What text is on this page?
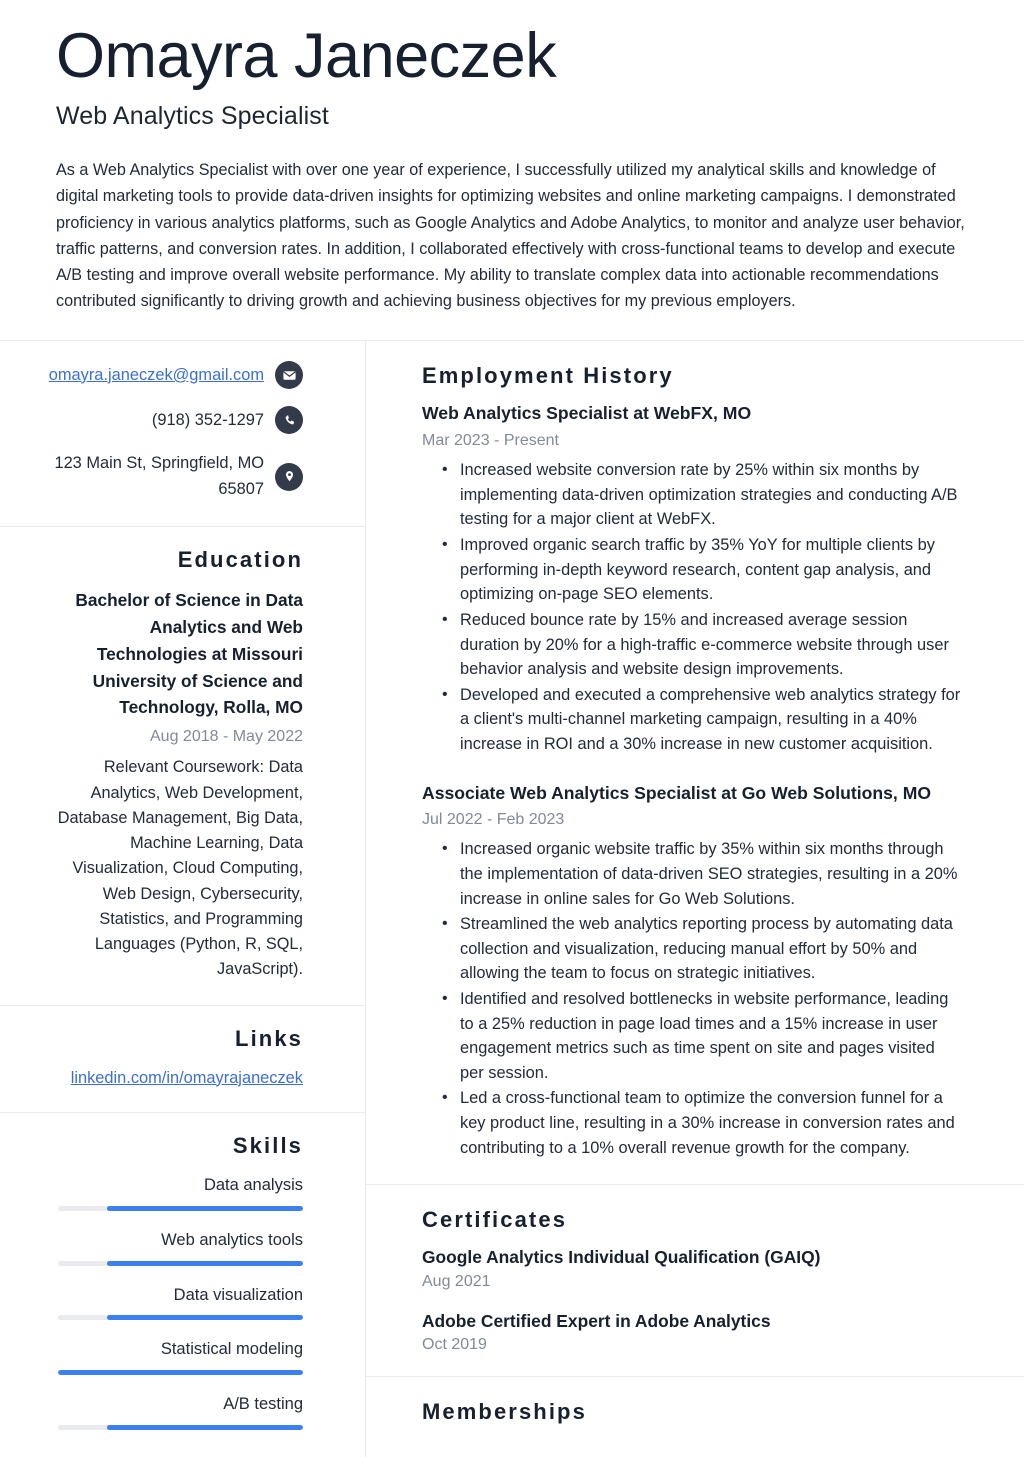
Omayra Janeczek
Web Analytics Specialist

As a Web Analytics Specialist with over one year of experience, I successfully utilized my analytical skills and knowledge of digital marketing tools to provide data-driven insights for optimizing websites and online marketing campaigns. I demonstrated proficiency in various analytics platforms, such as Google Analytics and Adobe Analytics, to monitor and analyze user behavior, traffic patterns, and conversion rates. In addition, I collaborated effectively with cross-functional teams to develop and execute A/B testing and improve overall website performance. My ability to translate complex data into actionable recommendations contributed significantly to driving growth and achieving business objectives for my previous employers.

omayra.janeczek@gmail.com
(918) 352-1297
123 Main St, Springfield, MO 65807
Education
Bachelor of Science in Data Analytics and Web Technologies at Missouri University of Science and Technology, Rolla, MO
Aug 2018 - May 2022
Relevant Coursework: Data Analytics, Web Development, Database Management, Big Data, Machine Learning, Data Visualization, Cloud Computing, Web Design, Cybersecurity, Statistics, and Programming Languages (Python, R, SQL, JavaScript).
Links
linkedin.com/in/omayrajaneczek
Skills
Data analysis
Web analytics tools
Data visualization
Statistical modeling
A/B testing
Employment History
Web Analytics Specialist at WebFX, MO
Mar 2023 - Present
• Increased website conversion rate by 25% within six months by implementing data-driven optimization strategies and conducting A/B testing for a major client at WebFX.
• Improved organic search traffic by 35% YoY for multiple clients by performing in-depth keyword research, content gap analysis, and optimizing on-page SEO elements.
• Reduced bounce rate by 15% and increased average session duration by 20% for a high-traffic e-commerce website through user behavior analysis and website design improvements.
• Developed and executed a comprehensive web analytics strategy for a client's multi-channel marketing campaign, resulting in a 40% increase in ROI and a 30% increase in new customer acquisition.
Associate Web Analytics Specialist at Go Web Solutions, MO
Jul 2022 - Feb 2023
• Increased organic website traffic by 35% within six months through the implementation of data-driven SEO strategies, resulting in a 20% increase in online sales for Go Web Solutions.
• Streamlined the web analytics reporting process by automating data collection and visualization, reducing manual effort by 50% and allowing the team to focus on strategic initiatives.
• Identified and resolved bottlenecks in website performance, leading to a 25% reduction in page load times and a 15% increase in user engagement metrics such as time spent on site and pages visited per session.
• Led a cross-functional team to optimize the conversion funnel for a key product line, resulting in a 30% increase in conversion rates and contributing to a 10% overall revenue growth for the company.
Certificates
Google Analytics Individual Qualification (GAIQ)
Aug 2021
Adobe Certified Expert in Adobe Analytics
Oct 2019
Memberships
